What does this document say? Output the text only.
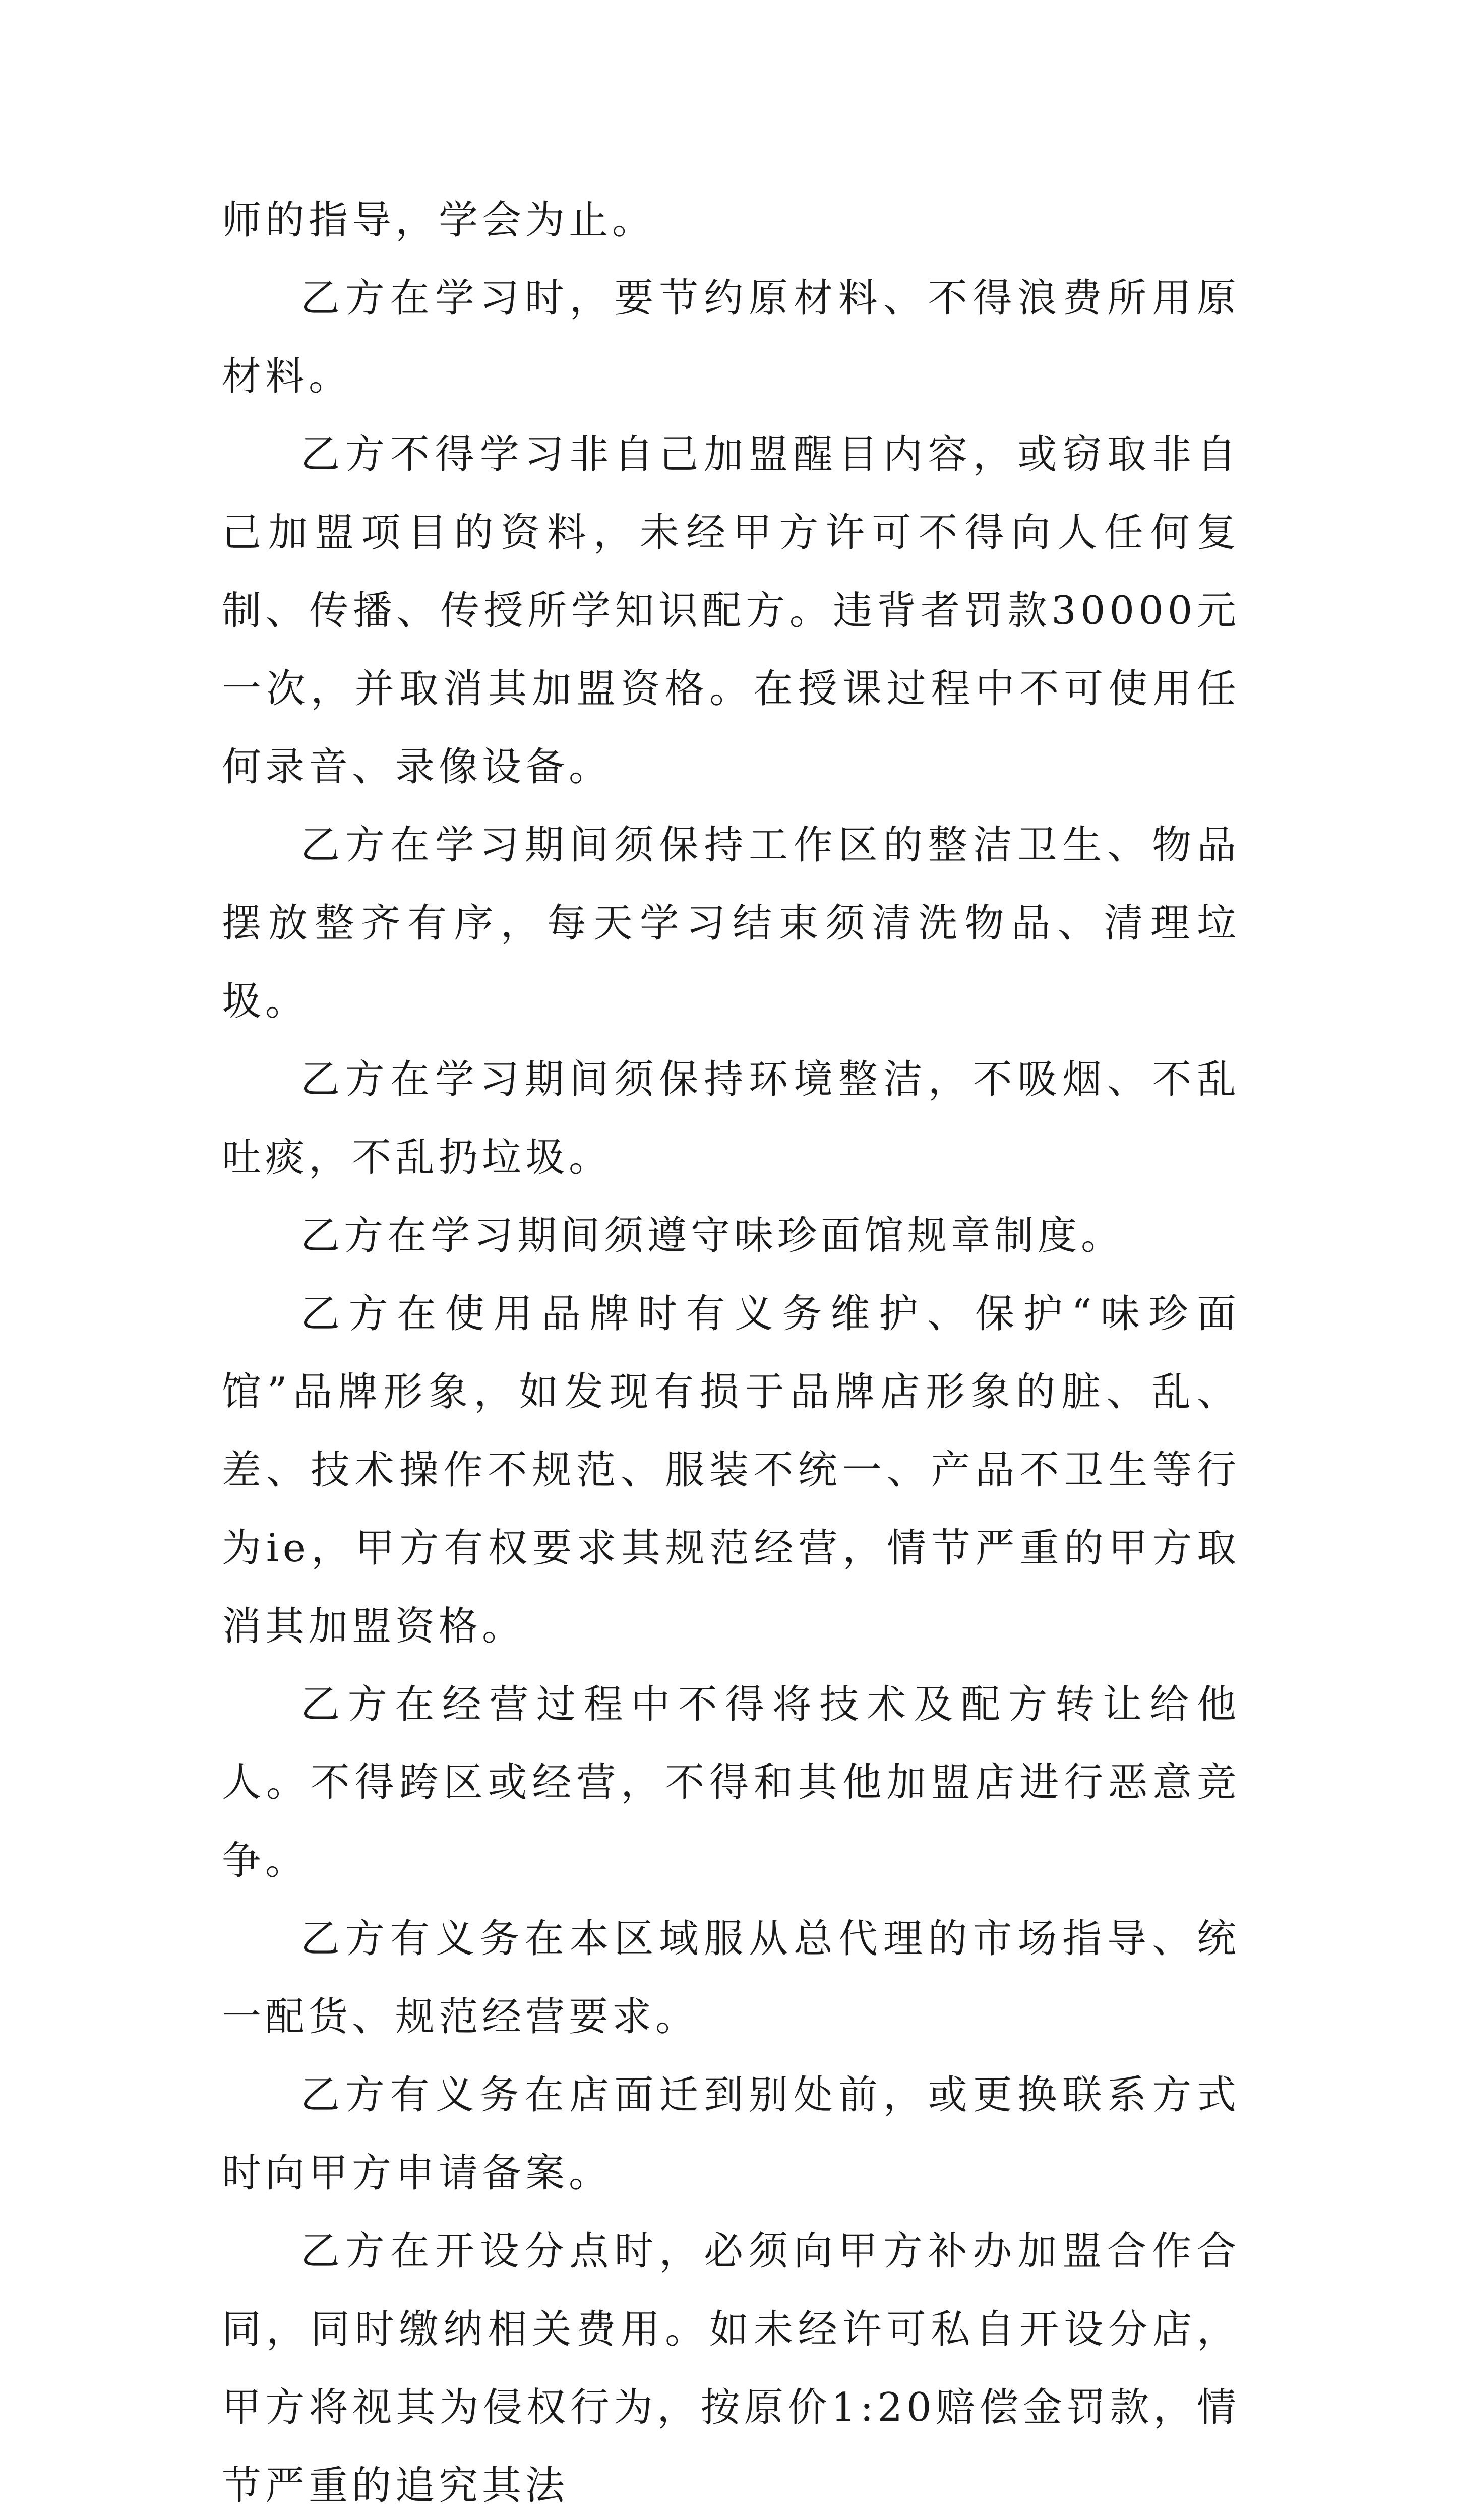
师的指导，学会为止。

乙方在学习时，要节约原材料、不得浪费所用原材料。

乙方不得学习非自己加盟醒目内容，或窃取非自己加盟项目的资料，未经甲方许可不得向人任何复制、传播、传授所学知识配方。违背者罚款30000元一次，并取消其加盟资格。在授课过程中不可使用任何录音、录像设备。

乙方在学习期间须保持工作区的整洁卫生、物品摆放整齐有序，每天学习结束须清洗物品、清理垃圾。

乙方在学习期间须保持环境整洁，不吸烟、不乱吐痰，不乱扔垃圾。

乙方在学习期间须遵守味珍面馆规章制度。

乙方在使用品牌时有义务维护、保护“味珍面馆”品牌形象，如发现有损于品牌店形象的脏、乱、差、技术操作不规范、服装不统一、产品不卫生等行为ie，甲方有权要求其规范经营，情节严重的甲方取消其加盟资格。

乙方在经营过程中不得将技术及配方转让给他人。不得跨区或经营，不得和其他加盟店进行恶意竞争。

乙方有义务在本区域服从总代理的市场指导、统一配货、规范经营要求。

乙方有义务在店面迁到别处前，或更换联系方式时向甲方申请备案。

乙方在开设分点时，必须向甲方补办加盟合作合同，同时缴纳相关费用。如未经许可私自开设分店，甲方将视其为侵权行为，按原价1:20赔偿金罚款，情节严重的追究其法
